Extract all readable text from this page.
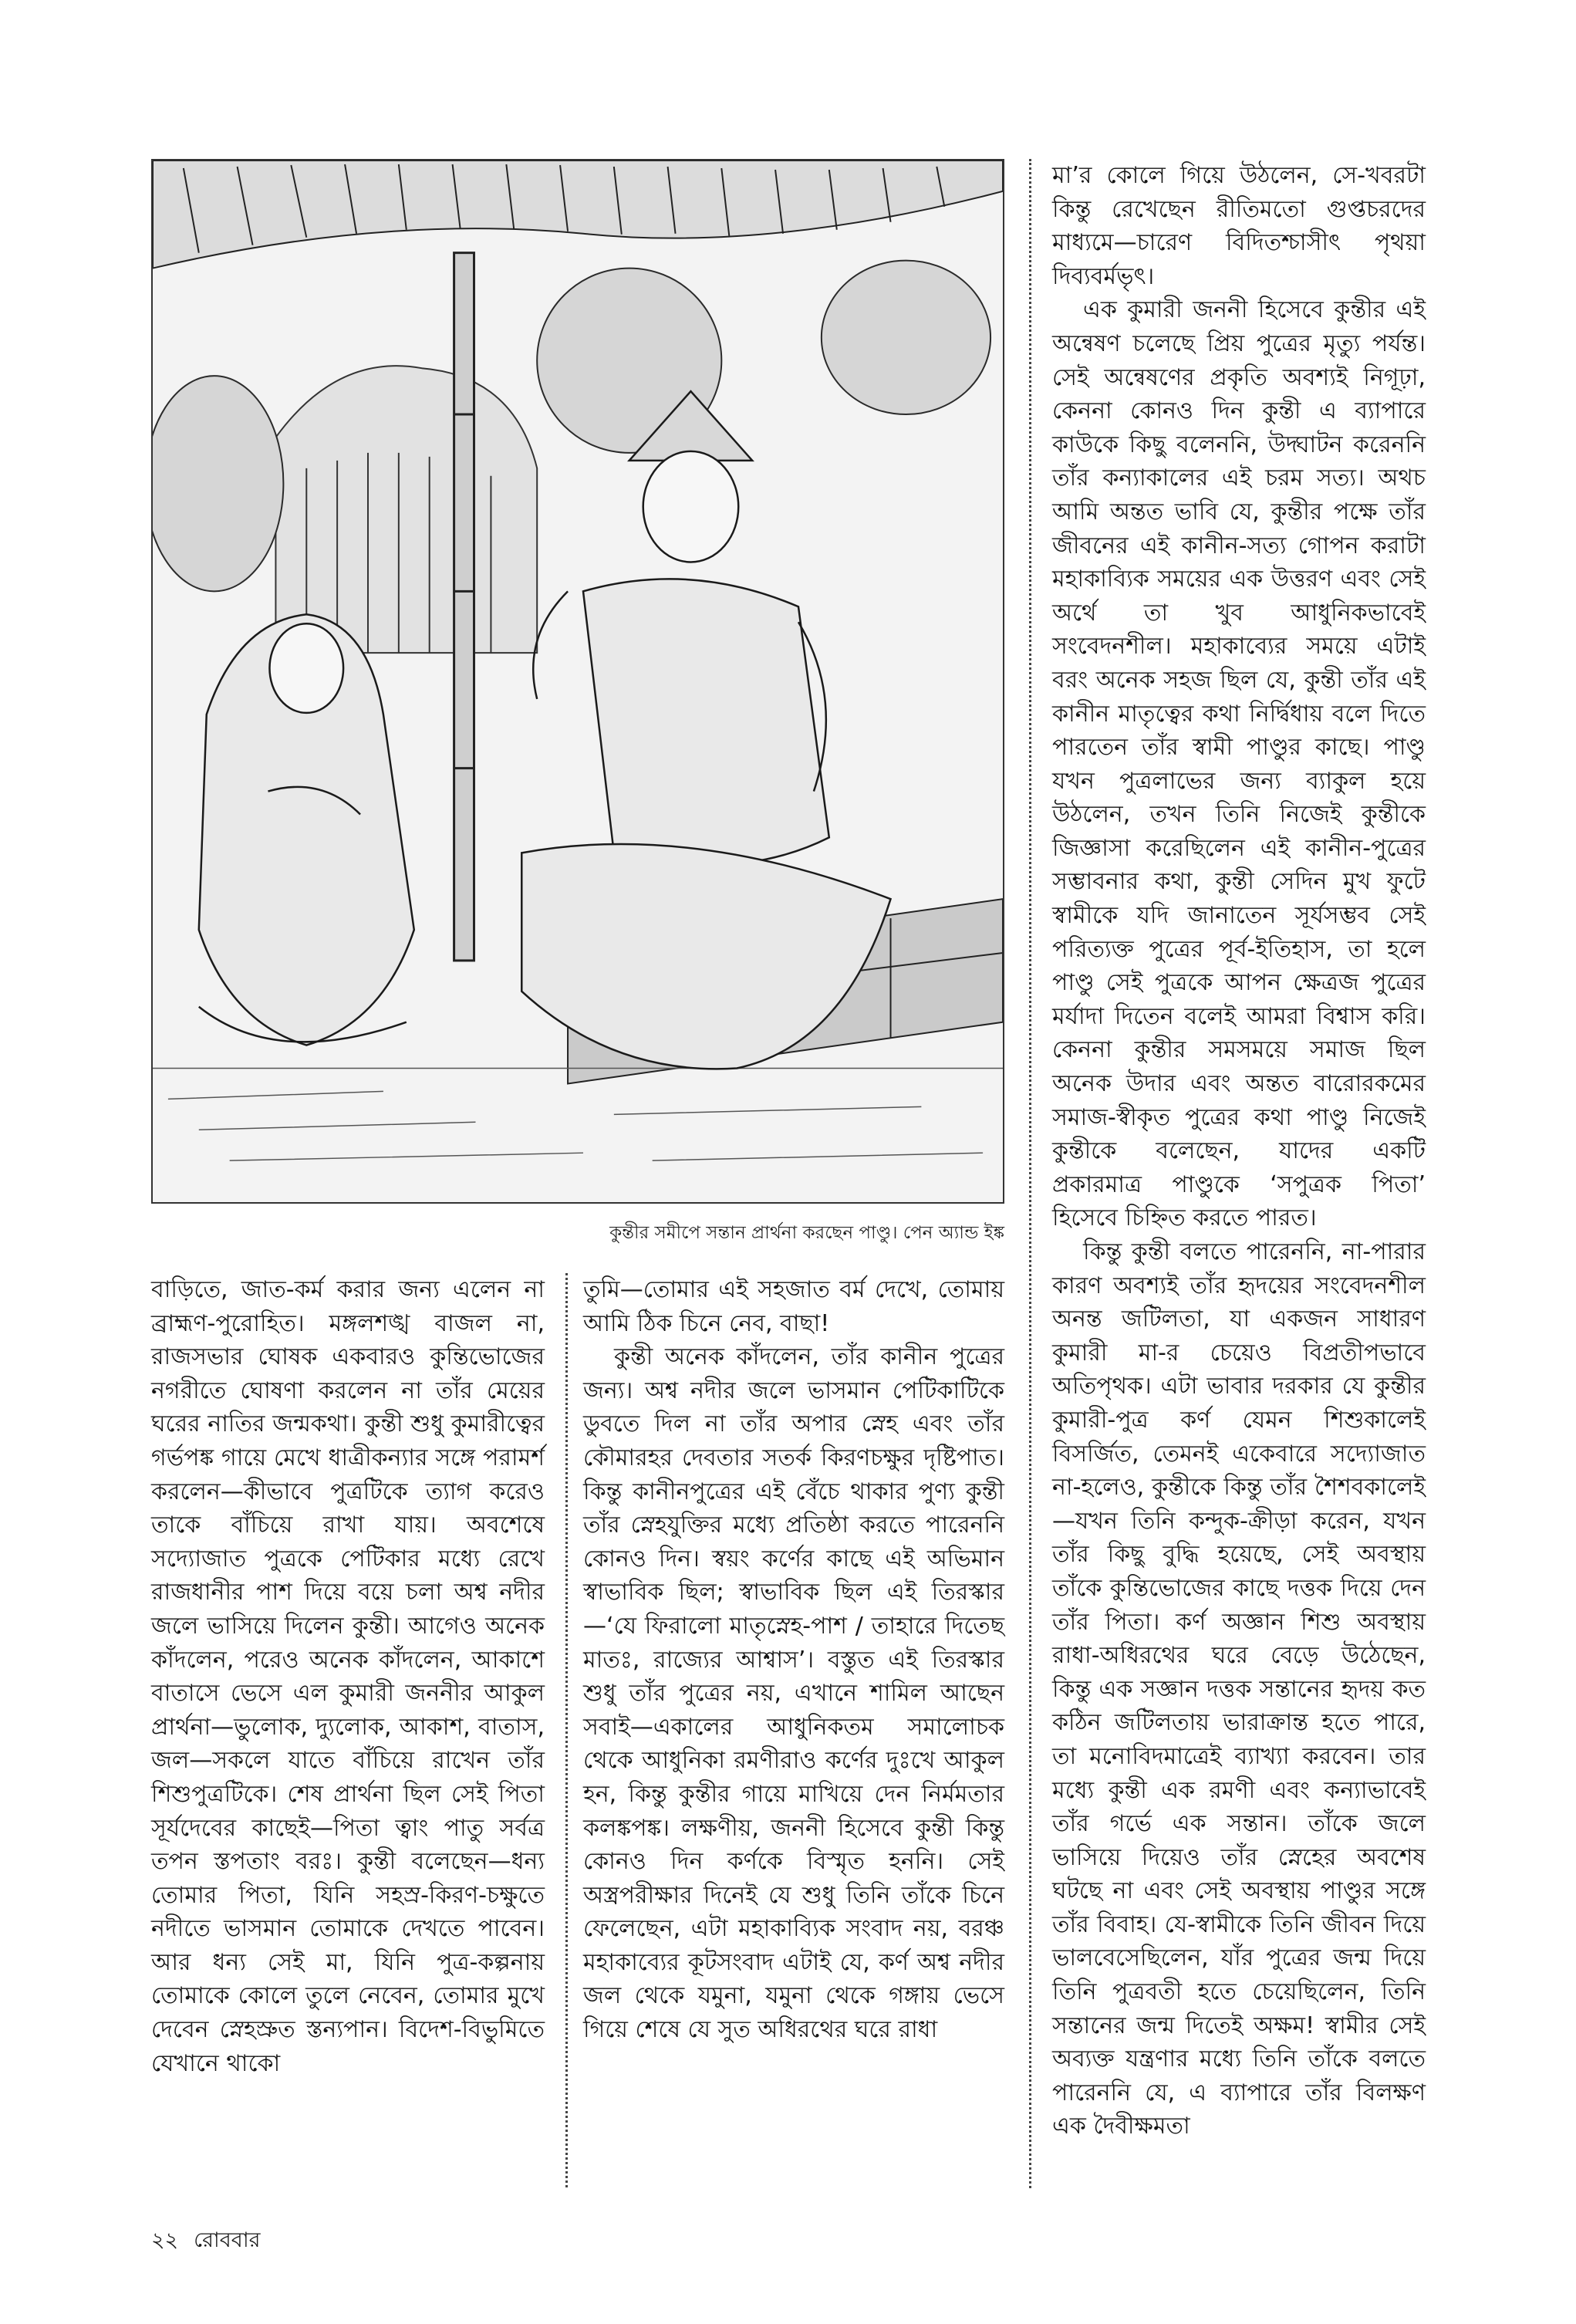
কুন্তীর সমীপে সন্তান প্রার্থনা করছেন পাণ্ডু। পেন অ্যান্ড ইঙ্ক

বাড়িতে, জাত-কর্ম করার জন্য এলেন না ব্রাহ্মণ-পুরোহিত। মঙ্গলশঙ্খ বাজল না, রাজসভার ঘোষক একবারও কুন্তিভোজের নগরীতে ঘোষণা করলেন না তাঁর মেয়ের ঘরের নাতির জন্মকথা। কুন্তী শুধু কুমারীত্বের গর্ভপঙ্ক গায়ে মেখে ধাত্রীকন্যার সঙ্গে পরামর্শ করলেন—কীভাবে পুত্রটিকে ত্যাগ করেও তাকে বাঁচিয়ে রাখা যায়। অবশেষে সদ্যোজাত পুত্রকে পেটিকার মধ্যে রেখে রাজধানীর পাশ দিয়ে বয়ে চলা অশ্ব নদীর জলে ভাসিয়ে দিলেন কুন্তী। আগেও অনেক কাঁদলেন, পরেও অনেক কাঁদলেন, আকাশে বাতাসে ভেসে এল কুমারী জননীর আকুল প্রার্থনা—ভুলোক, দ্যুলোক, আকাশ, বাতাস, জল—সকলে যাতে বাঁচিয়ে রাখেন তাঁর শিশুপুত্রটিকে। শেষ প্রার্থনা ছিল সেই পিতা সূর্যদেবের কাছেই—পিতা ত্বাং পাতু সর্বত্র তপন স্তপতাং বরঃ। কুন্তী বলেছেন—ধন্য তোমার পিতা, যিনি সহস্র-কিরণ-চক্ষুতে নদীতে ভাসমান তোমাকে দেখতে পাবেন। আর ধন্য সেই মা, যিনি পুত্র-কল্পনায় তোমাকে কোলে তুলে নেবেন, তোমার মুখে দেবেন স্নেহস্রুত স্তন্যপান। বিদেশ-বিভুমিতে যেখানে থাকো

তুমি—তোমার এই সহজাত বর্ম দেখে, তোমায় আমি ঠিক চিনে নেব, বাছা!

কুন্তী অনেক কাঁদলেন, তাঁর কানীন পুত্রের জন্য। অশ্ব নদীর জলে ভাসমান পেটিকাটিকে ডুবতে দিল না তাঁর অপার স্নেহ এবং তাঁর কৌমারহর দেবতার সতর্ক কিরণচক্ষুর দৃষ্টিপাত। কিন্তু কানীনপুত্রের এই বেঁচে থাকার পুণ্য কুন্তী তাঁর স্নেহযুক্তির মধ্যে প্রতিষ্ঠা করতে পারেননি কোনও দিন। স্বয়ং কর্ণের কাছে এই অভিমান স্বাভাবিক ছিল; স্বাভাবিক ছিল এই তিরস্কার—‘যে ফিরালো মাতৃস্নেহ-পাশ / তাহারে দিতেছ মাতঃ, রাজ্যের আশ্বাস’। বস্তুত এই তিরস্কার শুধু তাঁর পুত্রের নয়, এখানে শামিল আছেন সবাই—একালের আধুনিকতম সমালোচক থেকে আধুনিকা রমণীরাও কর্ণের দুঃখে আকুল হন, কিন্তু কুন্তীর গায়ে মাখিয়ে দেন নির্মমতার কলঙ্কপঙ্ক। লক্ষণীয়, জননী হিসেবে কুন্তী কিন্তু কোনও দিন কর্ণকে বিস্মৃত হননি। সেই অস্ত্রপরীক্ষার দিনেই যে শুধু তিনি তাঁকে চিনে ফেলেছেন, এটা মহাকাব্যিক সংবাদ নয়, বরঞ্চ মহাকাব্যের কূটসংবাদ এটাই যে, কর্ণ অশ্ব নদীর জল থেকে যমুনা, যমুনা থেকে গঙ্গায় ভেসে গিয়ে শেষে যে সুত অধিরথের ঘরে রাধা

মা’র কোলে গিয়ে উঠলেন, সে-খবরটা কিন্তু রেখেছেন রীতিমতো গুপ্তচরদের মাধ্যমে—চারেণ বিদিতশ্চাসীৎ পৃথয়া দিব্যবর্মভৃৎ।

এক কুমারী জননী হিসেবে কুন্তীর এই অন্বেষণ চলেছে প্রিয় পুত্রের মৃত্যু পর্যন্ত। সেই অন্বেষণের প্রকৃতি অবশ্যই নিগূঢ়া, কেননা কোনও দিন কুন্তী এ ব্যাপারে কাউকে কিছু বলেননি, উদ্ঘাটন করেননি তাঁর কন্যাকালের এই চরম সত্য। অথচ আমি অন্তত ভাবি যে, কুন্তীর পক্ষে তাঁর জীবনের এই কানীন-সত্য গোপন করাটা মহাকাব্যিক সময়ের এক উত্তরণ এবং সেই অর্থে তা খুব আধুনিকভাবেই সংবেদনশীল। মহাকাব্যের সময়ে এটাই বরং অনেক সহজ ছিল যে, কুন্তী তাঁর এই কানীন মাতৃত্বের কথা নির্দ্বিধায় বলে দিতে পারতেন তাঁর স্বামী পাণ্ডুর কাছে। পাণ্ডু যখন পুত্রলাভের জন্য ব্যাকুল হয়ে উঠলেন, তখন তিনি নিজেই কুন্তীকে জিজ্ঞাসা করেছিলেন এই কানীন-পুত্রের সম্ভাবনার কথা, কুন্তী সেদিন মুখ ফুটে স্বামীকে যদি জানাতেন সূর্যসম্ভব সেই পরিত্যক্ত পুত্রের পূর্ব-ইতিহাস, তা হলে পাণ্ডু সেই পুত্রকে আপন ক্ষেত্রজ পুত্রের মর্যাদা দিতেন বলেই আমরা বিশ্বাস করি। কেননা কুন্তীর সমসময়ে সমাজ ছিল অনেক উদার এবং অন্তত বারোরকমের সমাজ-স্বীকৃত পুত্রের কথা পাণ্ডু নিজেই কুন্তীকে বলেছেন, যাদের একটি প্রকারমাত্র পাণ্ডুকে ‘সপুত্রক পিতা’ হিসেবে চিহ্নিত করতে পারত।

কিন্তু কুন্তী বলতে পারেননি, না-পারার কারণ অবশ্যই তাঁর হৃদয়ের সংবেদনশীল অনন্ত জটিলতা, যা একজন সাধারণ কুমারী মা-র চেয়েও বিপ্রতীপভাবে অতিপৃথক। এটা ভাবার দরকার যে কুন্তীর কুমারী-পুত্র কর্ণ যেমন শিশুকালেই বিসর্জিত, তেমনই একেবারে সদ্যোজাত না-হলেও, কুন্তীকে কিন্তু তাঁর শৈশবকালেই—যখন তিনি কন্দুক-ক্রীড়া করেন, যখন তাঁর কিছু বুদ্ধি হয়েছে, সেই অবস্থায় তাঁকে কুন্তিভোজের কাছে দত্তক দিয়ে দেন তাঁর পিতা। কর্ণ অজ্ঞান শিশু অবস্থায় রাধা-অধিরথের ঘরে বেড়ে উঠেছেন, কিন্তু এক সজ্ঞান দত্তক সন্তানের হৃদয় কত কঠিন জটিলতায় ভারাক্রান্ত হতে পারে, তা মনোবিদমাত্রেই ব্যাখ্যা করবেন। তার মধ্যে কুন্তী এক রমণী এবং কন্যাভাবেই তাঁর গর্ভে এক সন্তান। তাঁকে জলে ভাসিয়ে দিয়েও তাঁর স্নেহের অবশেষ ঘটছে না এবং সেই অবস্থায় পাণ্ডুর সঙ্গে তাঁর বিবাহ। যে-স্বামীকে তিনি জীবন দিয়ে ভালবেসেছিলেন, যাঁর পুত্রের জন্ম দিয়ে তিনি পুত্রবতী হতে চেয়েছিলেন, তিনি সন্তানের জন্ম দিতেই অক্ষম! স্বামীর সেই অব্যক্ত যন্ত্রণার মধ্যে তিনি তাঁকে বলতে পারেননি যে, এ ব্যাপারে তাঁর বিলক্ষণ এক দৈবীক্ষমতা

২২ রোববার
